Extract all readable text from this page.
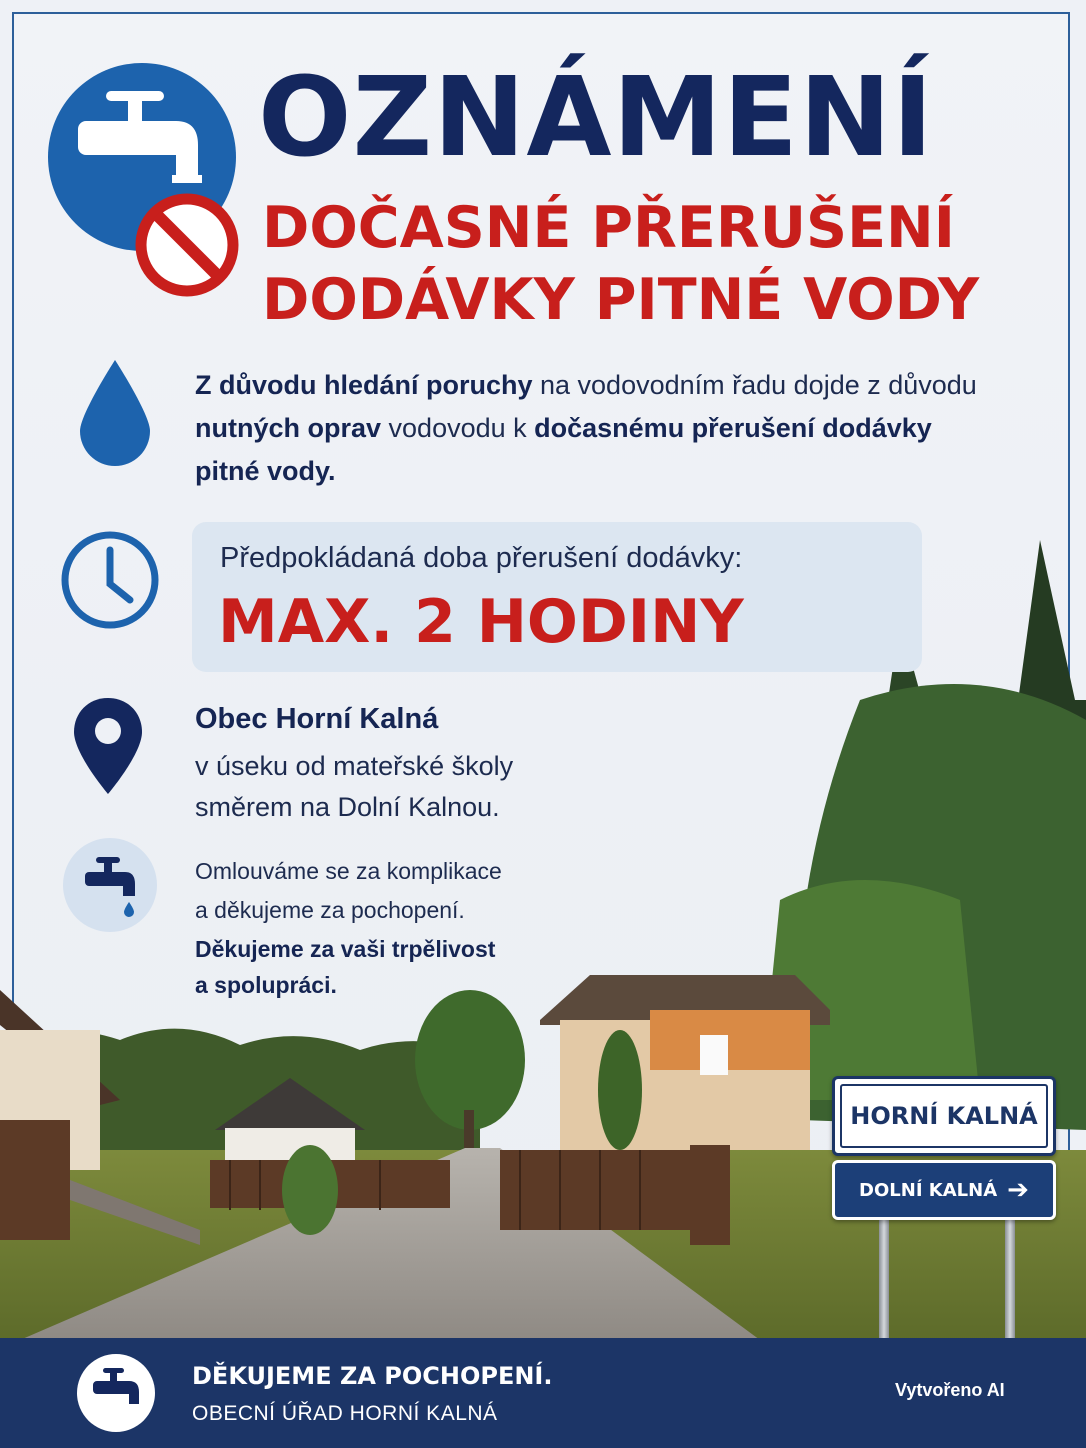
OZNÁMENÍ
DOČASNÉ PŘERUŠENÍ
DODÁVKY PITNÉ VODY

Z důvodu hledání poruchy na vodovodním řadu dojde z důvodu nutných oprav vodovodu k dočasnému přerušení dodávky pitné vody.

Předpokládaná doba přerušení dodávky:
MAX. 2 HODINY
Obec Horní Kalná
v úseku od mateřské školy
směrem na Dolní Kalnou.
Omlouváme se za komplikace
a děkujeme za pochopení.
Děkujeme za vaši trpělivost
a spolupráci.
HORNÍ KALNÁ
DOLNÍ KALNÁ ➔
DĚKUJEME ZA POCHOPENÍ.
OBECNÍ ÚŘAD HORNÍ KALNÁ
Vytvořeno AI
